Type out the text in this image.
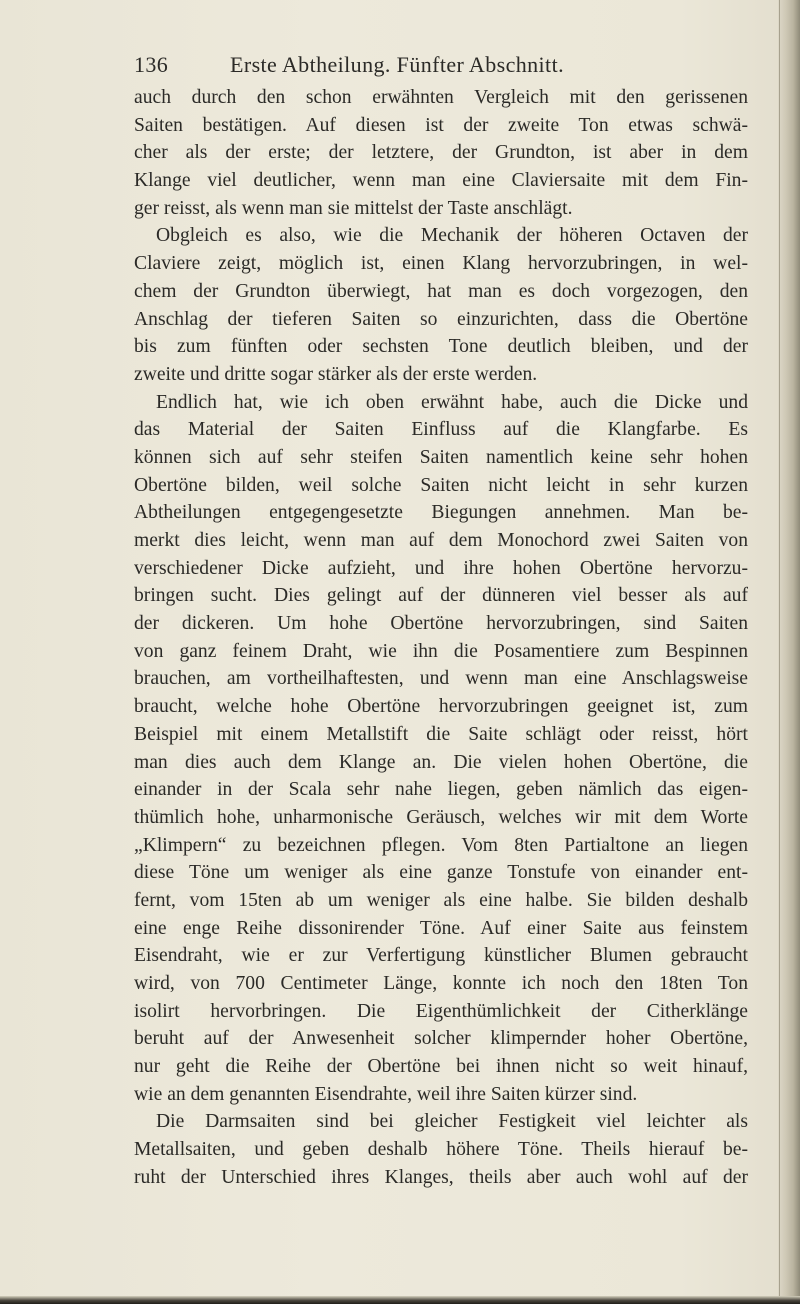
136	Erste Abtheilung. Fünfter Abschnitt.
auch durch den schon erwähnten Vergleich mit den gerissenen
Saiten bestätigen. Auf diesen ist der zweite Ton etwas schwä-
cher als der erste; der letztere, der Grundton, ist aber in dem
Klange viel deutlicher, wenn man eine Claviersaite mit dem Fin-
ger reisst, als wenn man sie mittelst der Taste anschlägt.
Obgleich es also, wie die Mechanik der höheren Octaven der
Claviere zeigt, möglich ist, einen Klang hervorzubringen, in wel-
chem der Grundton überwiegt, hat man es doch vorgezogen, den
Anschlag der tieferen Saiten so einzurichten, dass die Obertöne
bis zum fünften oder sechsten Tone deutlich bleiben, und der
zweite und dritte sogar stärker als der erste werden.
Endlich hat, wie ich oben erwähnt habe, auch die Dicke und
das Material der Saiten Einfluss auf die Klangfarbe. Es
können sich auf sehr steifen Saiten namentlich keine sehr hohen
Obertöne bilden, weil solche Saiten nicht leicht in sehr kurzen
Abtheilungen entgegengesetzte Biegungen annehmen. Man be-
merkt dies leicht, wenn man auf dem Monochord zwei Saiten von
verschiedener Dicke aufzieht, und ihre hohen Obertöne hervorzu-
bringen sucht. Dies gelingt auf der dünneren viel besser als auf
der dickeren. Um hohe Obertöne hervorzubringen, sind Saiten
von ganz feinem Draht, wie ihn die Posamentiere zum Bespinnen
brauchen, am vortheilhaftesten, und wenn man eine Anschlagsweise
braucht, welche hohe Obertöne hervorzubringen geeignet ist, zum
Beispiel mit einem Metallstift die Saite schlägt oder reisst, hört
man dies auch dem Klange an. Die vielen hohen Obertöne, die
einander in der Scala sehr nahe liegen, geben nämlich das eigen-
thümlich hohe, unharmonische Geräusch, welches wir mit dem Worte
„Klimpern“ zu bezeichnen pflegen. Vom 8ten Partialtone an liegen
diese Töne um weniger als eine ganze Tonstufe von einander ent-
fernt, vom 15ten ab um weniger als eine halbe. Sie bilden deshalb
eine enge Reihe dissonirender Töne. Auf einer Saite aus feinstem
Eisendraht, wie er zur Verfertigung künstlicher Blumen gebraucht
wird, von 700 Centimeter Länge, konnte ich noch den 18ten Ton
isolirt hervorbringen. Die Eigenthümlichkeit der Citherklänge
beruht auf der Anwesenheit solcher klimpernder hoher Obertöne,
nur geht die Reihe der Obertöne bei ihnen nicht so weit hinauf,
wie an dem genannten Eisendrahte, weil ihre Saiten kürzer sind.
Die Darmsaiten sind bei gleicher Festigkeit viel leichter als
Metallsaiten, und geben deshalb höhere Töne. Theils hierauf be-
ruht der Unterschied ihres Klanges, theils aber auch wohl auf der
